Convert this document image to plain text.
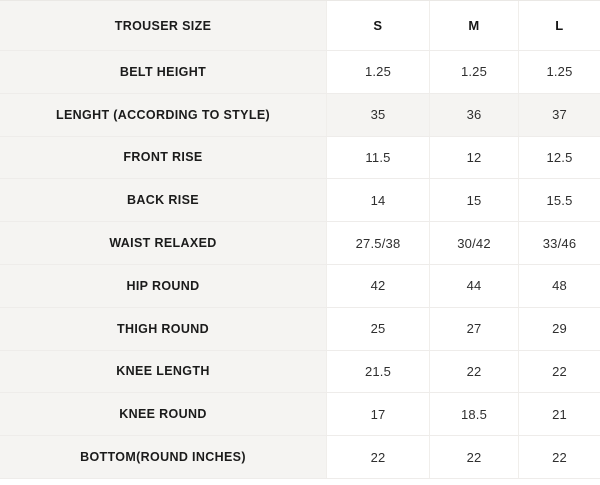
TROUSER SIZE	S	M	L
BELT HEIGHT	1.25	1.25	1.25
LENGHT (ACCORDING TO STYLE)	35	36	37
FRONT RISE	11.5	12	12.5
BACK RISE	14	15	15.5
WAIST RELAXED	27.5/38	30/42	33/46
HIP ROUND	42	44	48
THIGH ROUND	25	27	29
KNEE LENGTH	21.5	22	22
KNEE ROUND	17	18.5	21
BOTTOM(ROUND INCHES)	22	22	22
